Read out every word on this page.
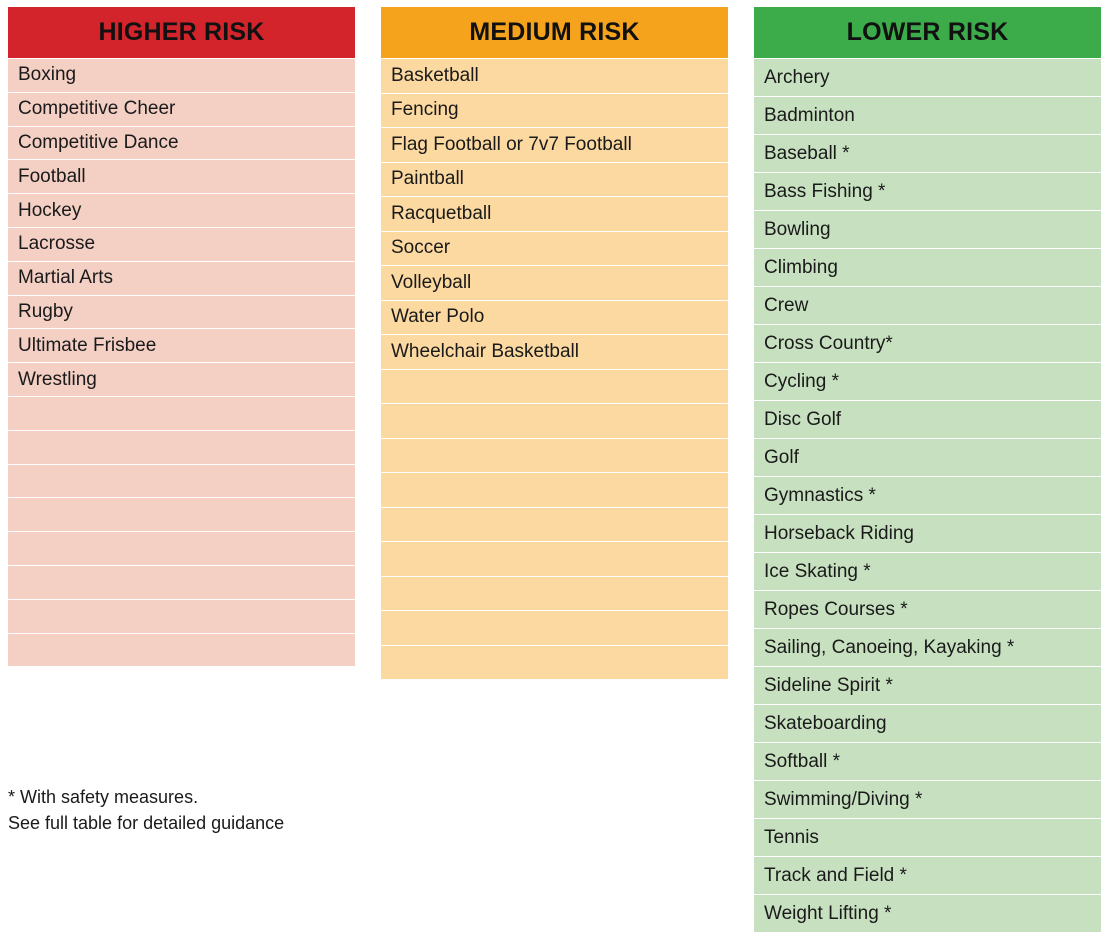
HIGHER RISK
Boxing
Competitive Cheer
Competitive Dance
Football
Hockey
Lacrosse
Martial Arts
Rugby
Ultimate Frisbee
Wrestling
MEDIUM RISK
Basketball
Fencing
Flag Football or 7v7 Football
Paintball
Racquetball
Soccer
Volleyball
Water Polo
Wheelchair Basketball
LOWER RISK
Archery
Badminton
Baseball *
Bass Fishing *
Bowling
Climbing
Crew
Cross Country*
Cycling *
Disc Golf
Golf
Gymnastics *
Horseback Riding
Ice Skating *
Ropes Courses *
Sailing, Canoeing, Kayaking *
Sideline Spirit *
Skateboarding
Softball *
Swimming/Diving *
Tennis
Track and Field *
Weight Lifting *
* With safety measures.
See full table for detailed guidance
